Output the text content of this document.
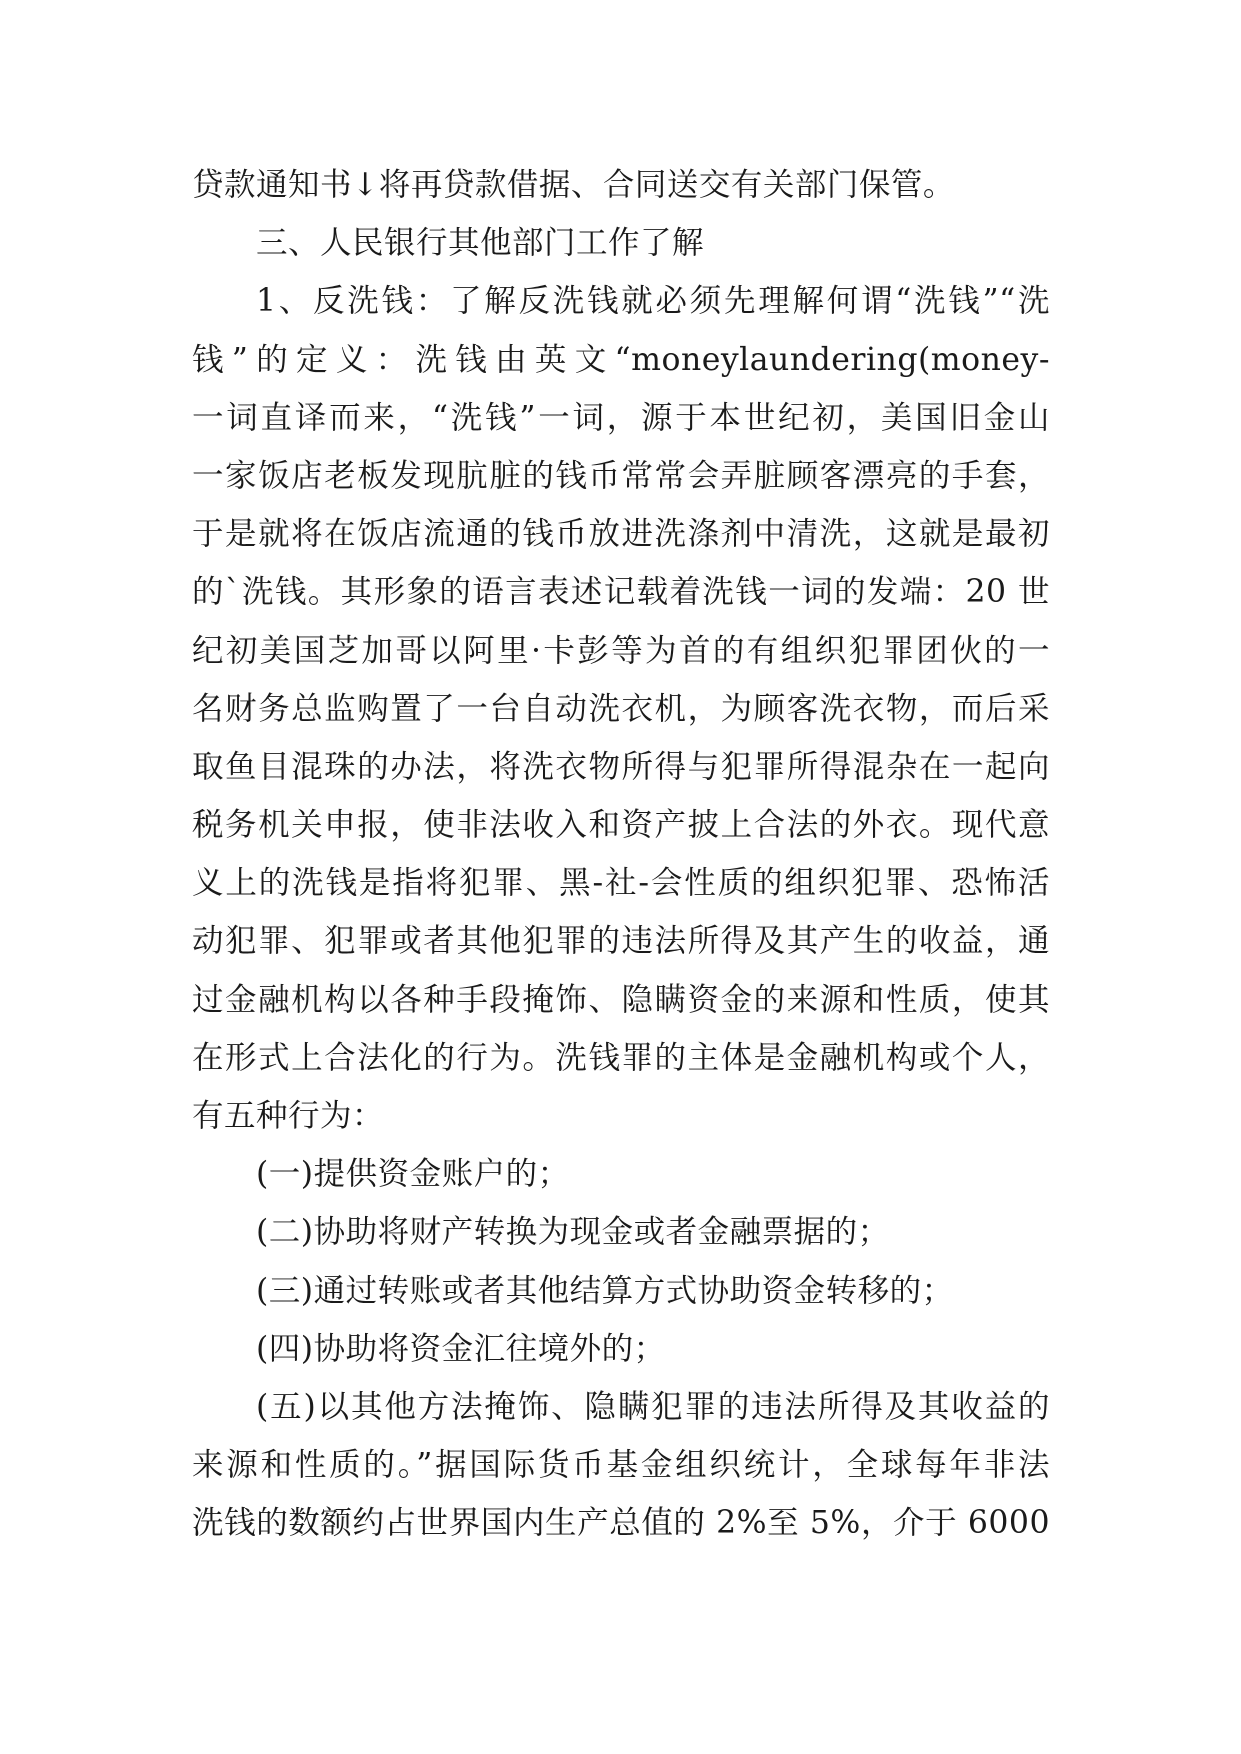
贷款通知书↓将再贷款借据、合同送交有关部门保管。
三、人民银行其他部门工作了解
1、反洗钱：了解反洗钱就必须先理解何谓“洗钱”“洗
钱”的定义：洗钱由英文“moneylaundering(money-
一词直译而来，“洗钱”一词，源于本世纪初，美国旧金山
一家饭店老板发现肮脏的钱币常常会弄脏顾客漂亮的手套，
于是就将在饭店流通的钱币放进洗涤剂中清洗，这就是最初
的`洗钱。其形象的语言表述记载着洗钱一词的发端：20 世
纪初美国芝加哥以阿里·卡彭等为首的有组织犯罪团伙的一
名财务总监购置了一台自动洗衣机，为顾客洗衣物，而后采
取鱼目混珠的办法，将洗衣物所得与犯罪所得混杂在一起向
税务机关申报，使非法收入和资产披上合法的外衣。现代意
义上的洗钱是指将犯罪、黑-社-会性质的组织犯罪、恐怖活
动犯罪、犯罪或者其他犯罪的违法所得及其产生的收益，通
过金融机构以各种手段掩饰、隐瞒资金的来源和性质，使其
在形式上合法化的行为。洗钱罪的主体是金融机构或个人，
有五种行为：
(一)提供资金账户的；
(二)协助将财产转换为现金或者金融票据的；
(三)通过转账或者其他结算方式协助资金转移的；
(四)协助将资金汇往境外的；
(五)以其他方法掩饰、隐瞒犯罪的违法所得及其收益的
来源和性质的。”据国际货币基金组织统计，全球每年非法
洗钱的数额约占世界国内生产总值的 2%至 5%，介于 6000
